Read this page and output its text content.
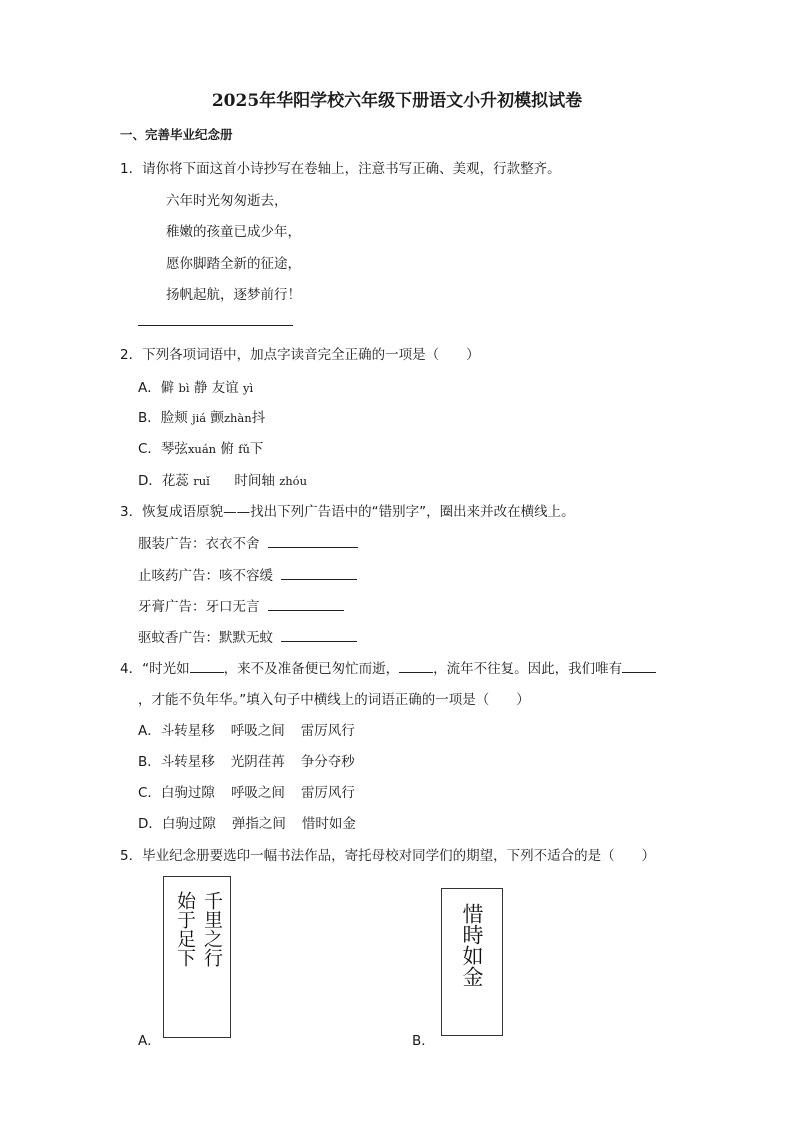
2025年华阳学校六年级下册语文小升初模拟试卷
一、完善毕业纪念册
1．请你将下面这首小诗抄写在卷轴上，注意书写正确、美观，行款整齐。
六年时光匆匆逝去，
稚嫩的孩童已成少年，
愿你脚踏全新的征途，
扬帆起航，逐梦前行！
2．下列各项词语中，加点字读音完全正确的一项是（　　）
A．僻 bì 静 友谊 yì
B．脸颊 jiá 颤zhàn抖
C．琴弦xuán 俯 fǔ下
D．花蕊 ruǐ 时间轴 zhóu
3．恢复成语原貌——找出下列广告语中的“错别字”，圈出来并改在横线上。
服装广告：衣衣不舍
止咳药广告：咳不容缓
牙膏广告：牙口无言
驱蚊香广告：默默无蚊
4．“时光如	，来不及准备便已匆忙而逝，	，流年不往复。因此，我们唯有
，才能不负年华。”填入句子中横线上的词语正确的一项是（　　）
A．斗转星移 呼吸之间 雷厉风行
B．斗转星移 光阴荏苒 争分夺秒
C．白驹过隙 呼吸之间 雷厉风行
D．白驹过隙 弹指之间 惜时如金
5．毕业纪念册要选印一幅书法作品，寄托母校对同学们的期望，下列不适合的是（　　）
千里之行
始于足下
A．
惜時如金
B．
